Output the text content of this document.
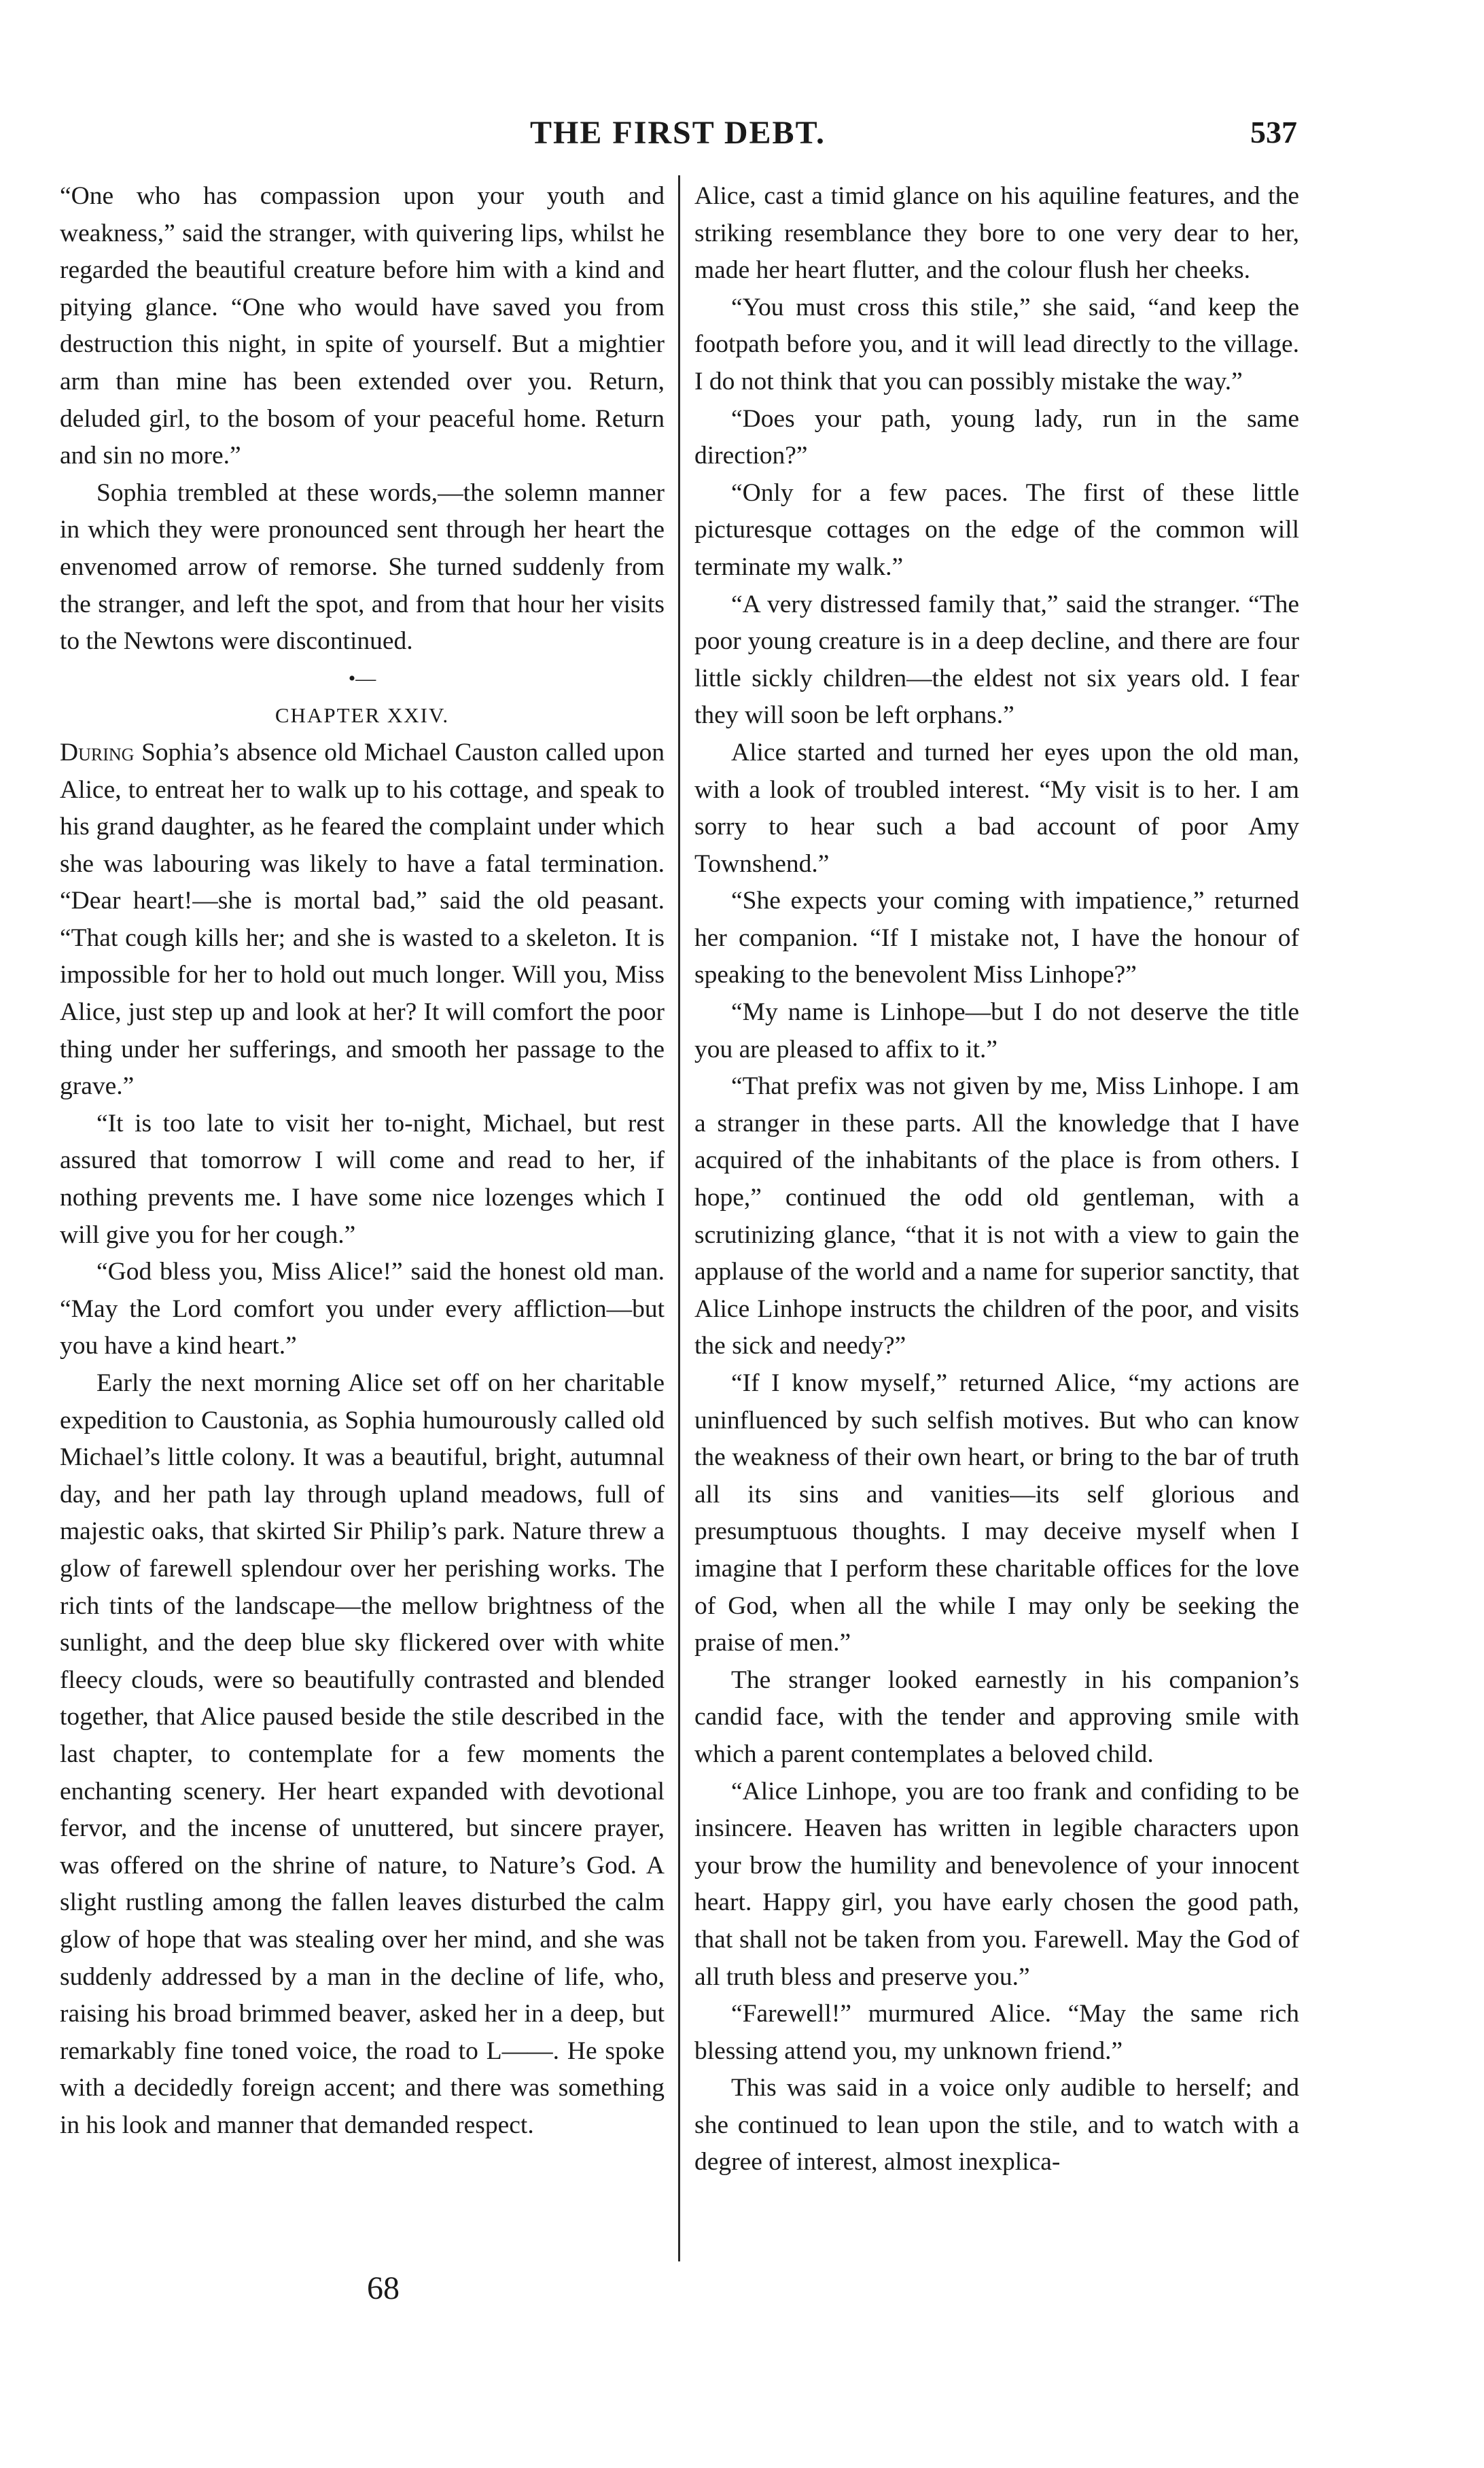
THE FIRST DEBT.	537

“One who has compassion upon your youth and weakness,” said the stranger, with quivering lips, whilst he regarded the beautiful creature before him with a kind and pitying glance. “One who would have saved you from destruction this night, in spite of yourself. But a mightier arm than mine has been extended over you. Return, deluded girl, to the bosom of your peaceful home. Return and sin no more.”

Sophia trembled at these words,—the solemn manner in which they were pronounced sent through her heart the envenomed arrow of remorse. She turned suddenly from the stranger, and left the spot, and from that hour her visits to the Newtons were discontinued.

•—
CHAPTER XXIV.

During Sophia’s absence old Michael Causton called upon Alice, to entreat her to walk up to his cottage, and speak to his grand daughter, as he feared the complaint under which she was labouring was likely to have a fatal termination. “Dear heart!—she is mortal bad,” said the old peasant. “That cough kills her; and she is wasted to a skeleton. It is impossible for her to hold out much longer. Will you, Miss Alice, just step up and look at her? It will comfort the poor thing under her sufferings, and smooth her passage to the grave.”

“It is too late to visit her to-night, Michael, but rest assured that tomorrow I will come and read to her, if nothing prevents me. I have some nice lozenges which I will give you for her cough.”

“God bless you, Miss Alice!” said the honest old man. “May the Lord comfort you under every affliction—but you have a kind heart.”

Early the next morning Alice set off on her charitable expedition to Caustonia, as Sophia humourously called old Michael’s little colony. It was a beautiful, bright, autumnal day, and her path lay through upland meadows, full of majestic oaks, that skirted Sir Philip’s park. Nature threw a glow of farewell splendour over her perishing works. The rich tints of the landscape—the mellow brightness of the sunlight, and the deep blue sky flickered over with white fleecy clouds, were so beautifully contrasted and blended together, that Alice paused beside the stile described in the last chapter, to contemplate for a few moments the enchanting scenery. Her heart expanded with devotional fervor, and the incense of unuttered, but sincere prayer, was offered on the shrine of nature, to Nature’s God. A slight rustling among the fallen leaves disturbed the calm glow of hope that was stealing over her mind, and she was suddenly addressed by a man in the decline of life, who, raising his broad brimmed beaver, asked her in a deep, but remarkably fine toned voice, the road to L——. He spoke with a decidedly foreign accent; and there was something in his look and manner that demanded respect.

Alice, cast a timid glance on his aquiline features, and the striking resemblance they bore to one very dear to her, made her heart flutter, and the colour flush her cheeks.

“You must cross this stile,” she said, “and keep the footpath before you, and it will lead directly to the village. I do not think that you can possibly mistake the way.”

“Does your path, young lady, run in the same direction?”

“Only for a few paces. The first of these little picturesque cottages on the edge of the common will terminate my walk.”

“A very distressed family that,” said the stranger. “The poor young creature is in a deep decline, and there are four little sickly children—the eldest not six years old. I fear they will soon be left orphans.”

Alice started and turned her eyes upon the old man, with a look of troubled interest. “My visit is to her. I am sorry to hear such a bad account of poor Amy Townshend.”

“She expects your coming with impatience,” returned her companion. “If I mistake not, I have the honour of speaking to the benevolent Miss Linhope?”

“My name is Linhope—but I do not deserve the title you are pleased to affix to it.”

“That prefix was not given by me, Miss Linhope. I am a stranger in these parts. All the knowledge that I have acquired of the inhabitants of the place is from others. I hope,” continued the odd old gentleman, with a scrutinizing glance, “that it is not with a view to gain the applause of the world and a name for superior sanctity, that Alice Linhope instructs the children of the poor, and visits the sick and needy?”

“If I know myself,” returned Alice, “my actions are uninfluenced by such selfish motives. But who can know the weakness of their own heart, or bring to the bar of truth all its sins and vanities—its self glorious and presumptuous thoughts. I may deceive myself when I imagine that I perform these charitable offices for the love of God, when all the while I may only be seeking the praise of men.”

The stranger looked earnestly in his companion’s candid face, with the tender and approving smile with which a parent contemplates a beloved child.

“Alice Linhope, you are too frank and confiding to be insincere. Heaven has written in legible characters upon your brow the humility and benevolence of your innocent heart. Happy girl, you have early chosen the good path, that shall not be taken from you. Farewell. May the God of all truth bless and preserve you.”

“Farewell!” murmured Alice. “May the same rich blessing attend you, my unknown friend.”

This was said in a voice only audible to herself; and she continued to lean upon the stile, and to watch with a degree of interest, almost inexplica-

68
